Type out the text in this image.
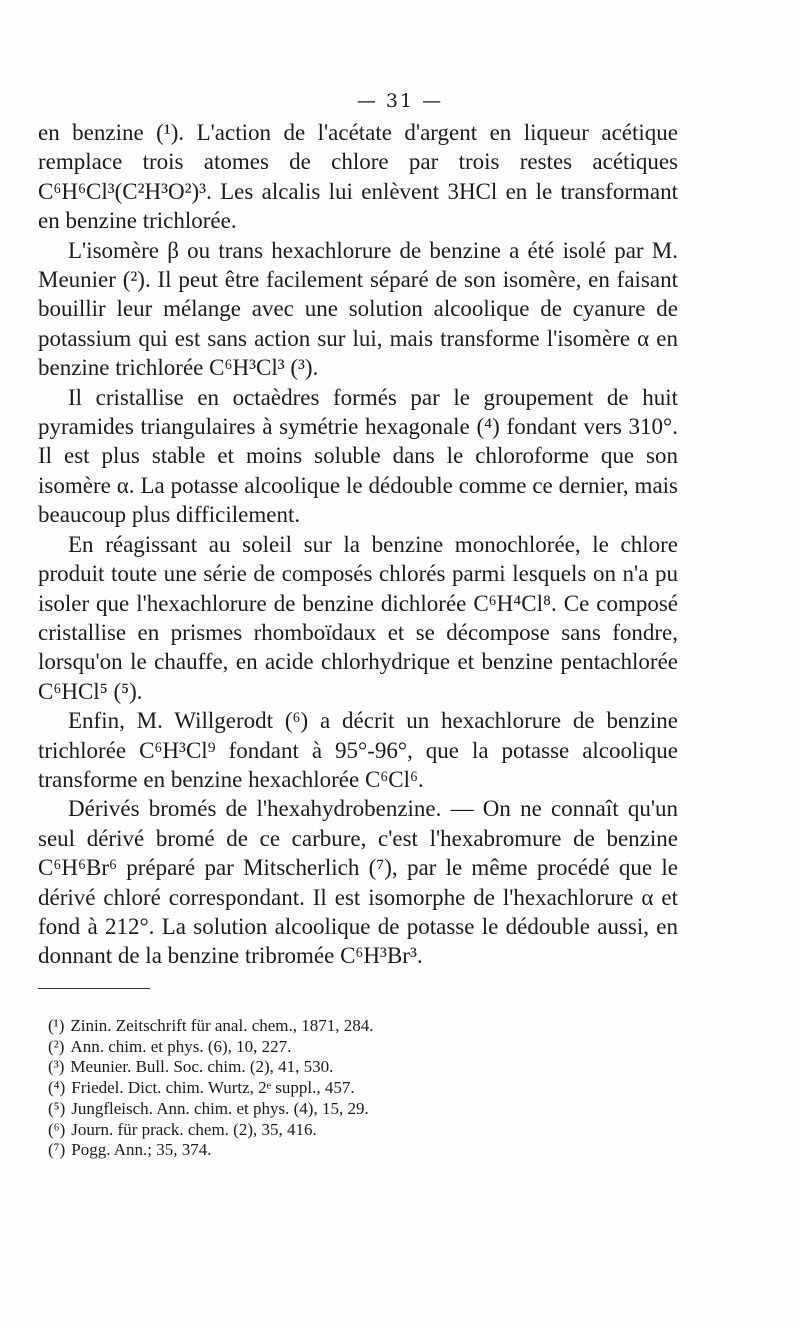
— 31 —

en benzine (¹). L'action de l'acétate d'argent en liqueur acétique remplace trois atomes de chlore par trois restes acétiques C⁶H⁶Cl³(C²H³O²)³. Les alcalis lui enlèvent 3HCl en le transformant en benzine trichlorée.

L'isomère β ou trans hexachlorure de benzine a été isolé par M. Meunier (²). Il peut être facilement séparé de son isomère, en faisant bouillir leur mélange avec une solution alcoolique de cyanure de potassium qui est sans action sur lui, mais transforme l'isomère α en benzine trichlorée C⁶H³Cl³ (³).

Il cristallise en octaèdres formés par le groupement de huit pyramides triangulaires à symétrie hexagonale (⁴) fondant vers 310°. Il est plus stable et moins soluble dans le chloroforme que son isomère α. La potasse alcoolique le dédouble comme ce dernier, mais beaucoup plus difficilement.

En réagissant au soleil sur la benzine monochlorée, le chlore produit toute une série de composés chlorés parmi lesquels on n'a pu isoler que l'hexachlorure de benzine dichlorée C⁶H⁴Cl⁸. Ce composé cristallise en prismes rhomboïdaux et se décompose sans fondre, lorsqu'on le chauffe, en acide chlorhydrique et benzine pentachlorée C⁶HCl⁵ (⁵).

Enfin, M. Willgerodt (⁶) a décrit un hexachlorure de benzine trichlorée C⁶H³Cl⁹ fondant à 95°-96°, que la potasse alcoolique transforme en benzine hexachlorée C⁶Cl⁶.

Dérivés bromés de l'hexahydrobenzine. — On ne connaît qu'un seul dérivé bromé de ce carbure, c'est l'hexabromure de benzine C⁶H⁶Br⁶ préparé par Mitscherlich (⁷), par le même procédé que le dérivé chloré correspondant. Il est isomorphe de l'hexachlorure α et fond à 212°. La solution alcoolique de potasse le dédouble aussi, en donnant de la benzine tribromée C⁶H³Br³.

(¹) Zinin. Zeitschrift für anal. chem., 1871, 284.
(²) Ann. chim. et phys. (6), 10, 227.
(³) Meunier. Bull. Soc. chim. (2), 41, 530.
(⁴) Friedel. Dict. chim. Wurtz, 2ᵉ suppl., 457.
(⁵) Jungfleisch. Ann. chim. et phys. (4), 15, 29.
(⁶) Journ. für prack. chem. (2), 35, 416.
(⁷) Pogg. Ann.; 35, 374.
